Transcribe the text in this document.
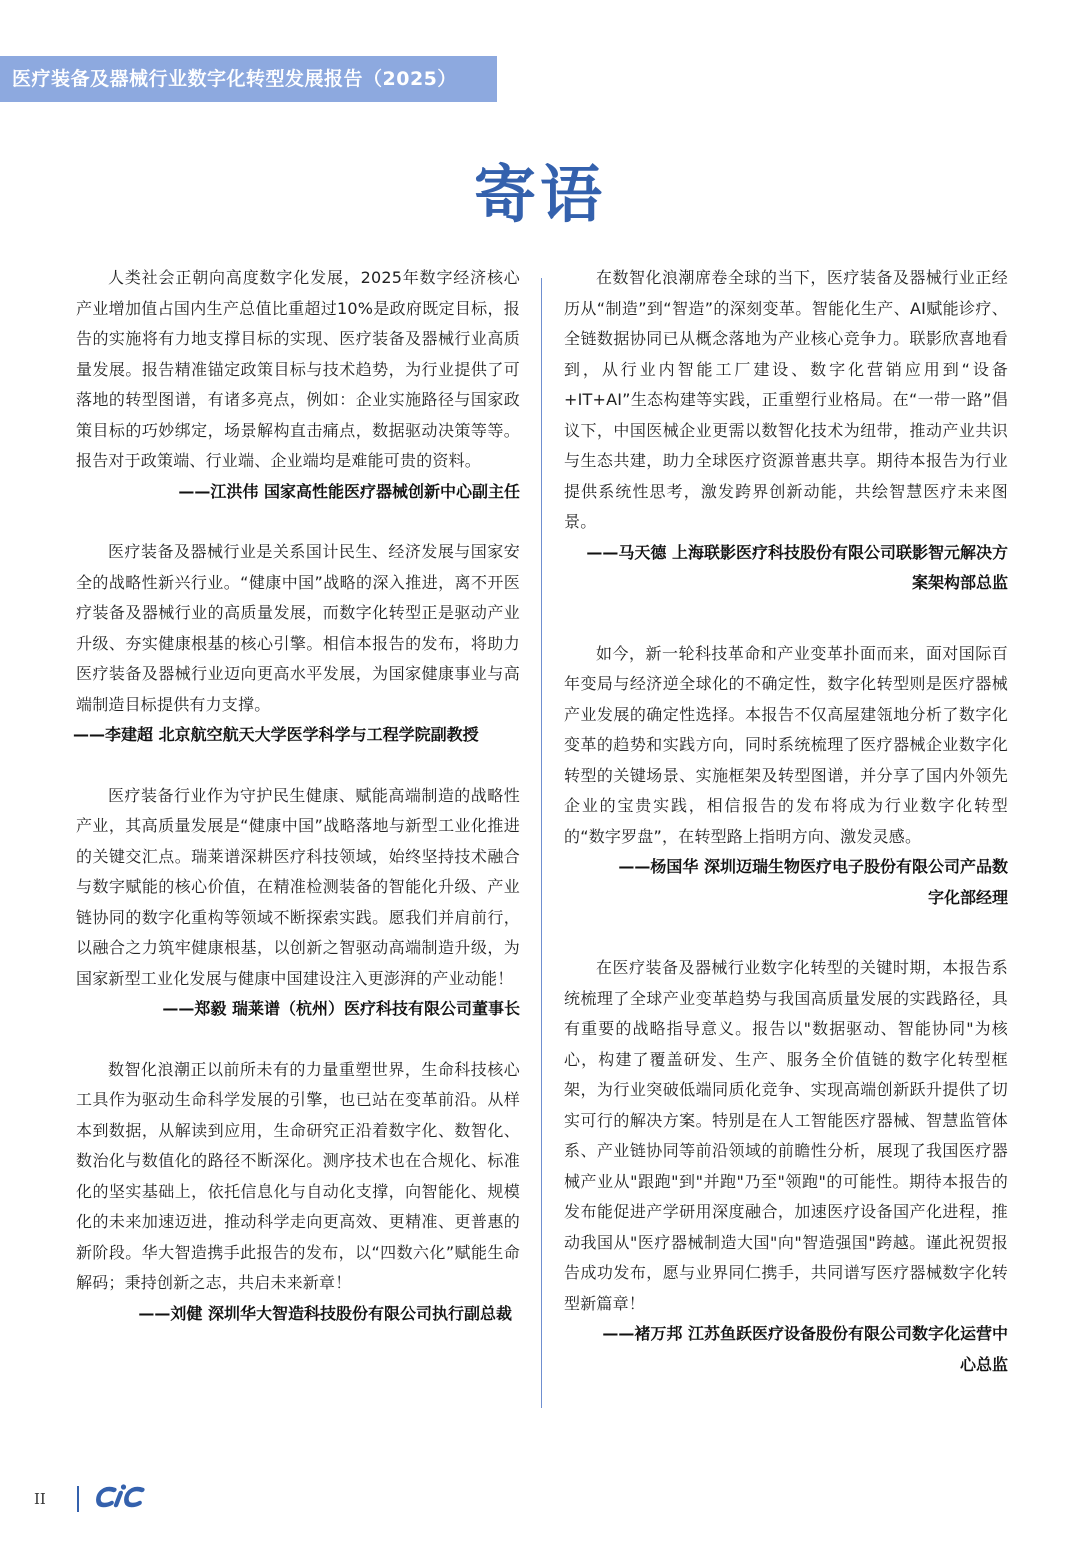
医疗装备及器械行业数字化转型发展报告（2025）
寄语

人类社会正朝向高度数字化发展，2025年数字经济核心产业增加值占国内生产总值比重超过10%是政府既定目标，报告的实施将有力地支撑目标的实现、医疗装备及器械行业高质量发展。报告精准锚定政策目标与技术趋势，为行业提供了可落地的转型图谱，有诸多亮点，例如：企业实施路径与国家政策目标的巧妙绑定，场景解构直击痛点，数据驱动决策等等。报告对于政策端、行业端、企业端均是难能可贵的资料。

——江洪伟 国家高性能医疗器械创新中心副主任

医疗装备及器械行业是关系国计民生、经济发展与国家安全的战略性新兴行业。“健康中国”战略的深入推进，离不开医疗装备及器械行业的高质量发展，而数字化转型正是驱动产业升级、夯实健康根基的核心引擎。相信本报告的发布，将助力医疗装备及器械行业迈向更高水平发展，为国家健康事业与高端制造目标提供有力支撑。

——李建超 北京航空航天大学医学科学与工程学院副教授

医疗装备行业作为守护民生健康、赋能高端制造的战略性产业，其高质量发展是“健康中国”战略落地与新型工业化推进的关键交汇点。瑞莱谱深耕医疗科技领域，始终坚持技术融合与数字赋能的核心价值，在精准检测装备的智能化升级、产业链协同的数字化重构等领域不断探索实践。愿我们并肩前行，以融合之力筑牢健康根基，以创新之智驱动高端制造升级，为国家新型工业化发展与健康中国建设注入更澎湃的产业动能！

——郑毅 瑞莱谱（杭州）医疗科技有限公司董事长

数智化浪潮正以前所未有的力量重塑世界，生命科技核心工具作为驱动生命科学发展的引擎，也已站在变革前沿。从样本到数据，从解读到应用，生命研究正沿着数字化、数智化、数治化与数值化的路径不断深化。测序技术也在合规化、标准化的坚实基础上，依托信息化与自动化支撑，向智能化、规模化的未来加速迈进，推动科学走向更高效、更精准、更普惠的新阶段。华大智造携手此报告的发布，以“四数六化”赋能生命解码；秉持创新之志，共启未来新章！

——刘健 深圳华大智造科技股份有限公司执行副总裁

在数智化浪潮席卷全球的当下，医疗装备及器械行业正经历从“制造”到“智造”的深刻变革。智能化生产、AI赋能诊疗、全链数据协同已从概念落地为产业核心竞争力。联影欣喜地看到，从行业内智能工厂建设、数字化营销应用到“设备+IT+AI”生态构建等实践，正重塑行业格局。在“一带一路”倡议下，中国医械企业更需以数智化技术为纽带，推动产业共识与生态共建，助力全球医疗资源普惠共享。期待本报告为行业提供系统性思考，激发跨界创新动能，共绘智慧医疗未来图景。

——马天德 上海联影医疗科技股份有限公司联影智元解决方案架构部总监

如今，新一轮科技革命和产业变革扑面而来，面对国际百年变局与经济逆全球化的不确定性，数字化转型则是医疗器械产业发展的确定性选择。本报告不仅高屋建瓴地分析了数字化变革的趋势和实践方向，同时系统梳理了医疗器械企业数字化转型的关键场景、实施框架及转型图谱，并分享了国内外领先企业的宝贵实践，相信报告的发布将成为行业数字化转型的“数字罗盘”，在转型路上指明方向、激发灵感。

——杨国华 深圳迈瑞生物医疗电子股份有限公司产品数字化部经理

在医疗装备及器械行业数字化转型的关键时期，本报告系统梳理了全球产业变革趋势与我国高质量发展的实践路径，具有重要的战略指导意义。报告以"数据驱动、智能协同"为核心，构建了覆盖研发、生产、服务全价值链的数字化转型框架，为行业突破低端同质化竞争、实现高端创新跃升提供了切实可行的解决方案。特别是在人工智能医疗器械、智慧监管体系、产业链协同等前沿领域的前瞻性分析，展现了我国医疗器械产业从"跟跑"到"并跑"乃至"领跑"的可能性。期待本报告的发布能促进产学研用深度融合，加速医疗设备国产化进程，推动我国从"医疗器械制造大国"向"智造强国"跨越。谨此祝贺报告成功发布，愿与业界同仁携手，共同谱写医疗器械数字化转型新篇章！

——褚万邦 江苏鱼跃医疗设备股份有限公司数字化运营中心总监

II
